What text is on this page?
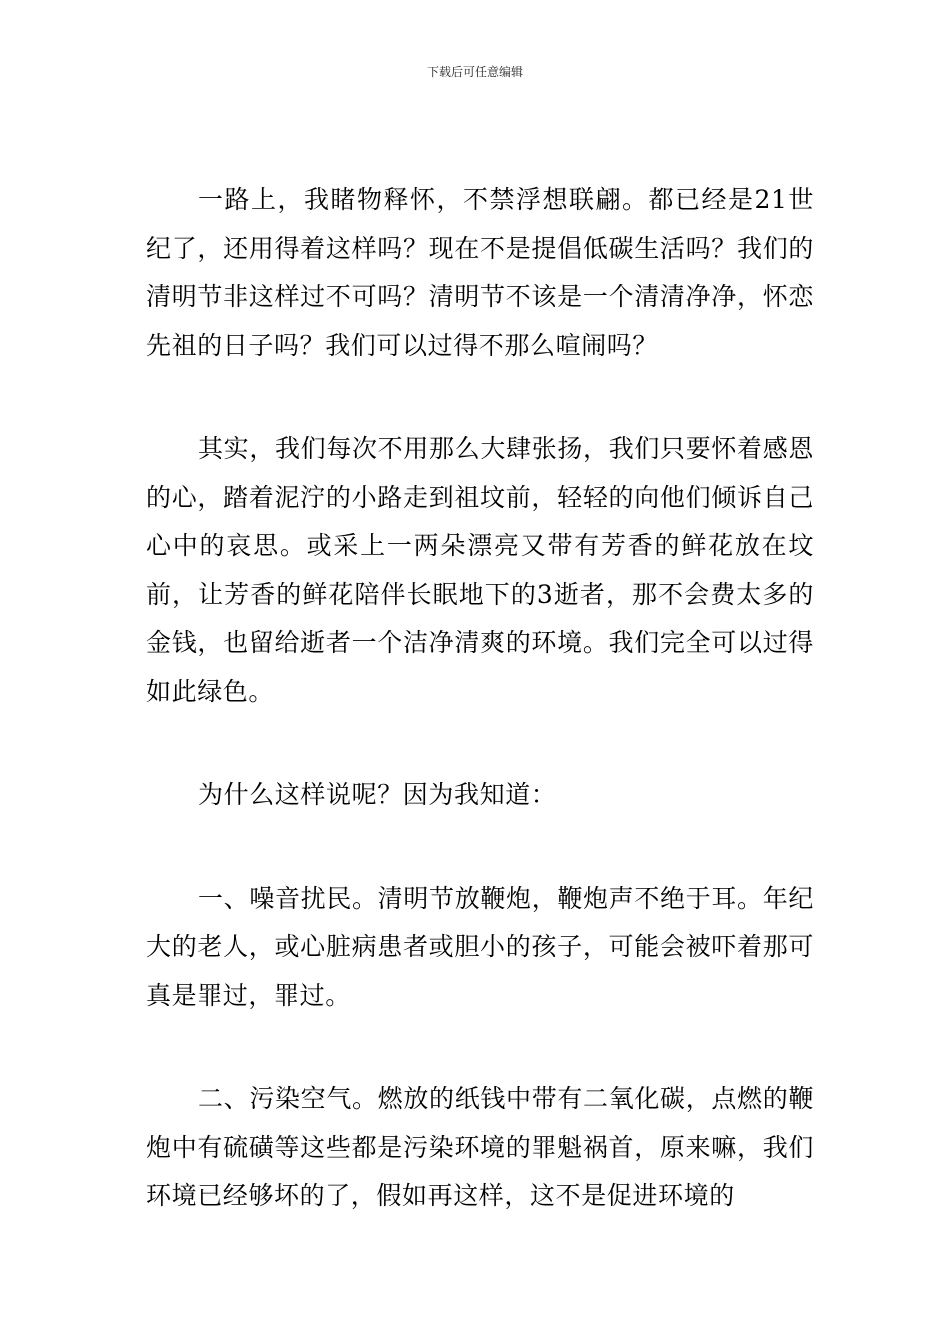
下载后可任意编辑

一路上，我睹物释怀，不禁浮想联翩。都已经是21世纪了，还用得着这样吗？现在不是提倡低碳生活吗？我们的清明节非这样过不可吗？清明节不该是一个清清净净，怀恋先祖的日子吗？我们可以过得不那么喧闹吗？

其实，我们每次不用那么大肆张扬，我们只要怀着感恩的心，踏着泥泞的小路走到祖坟前，轻轻的向他们倾诉自己心中的哀思。或采上一两朵漂亮又带有芳香的鲜花放在坟前，让芳香的鲜花陪伴长眠地下的3逝者，那不会费太多的金钱，也留给逝者一个洁净清爽的环境。我们完全可以过得如此绿色。

为什么这样说呢？因为我知道：

一、噪音扰民。清明节放鞭炮，鞭炮声不绝于耳。年纪大的老人，或心脏病患者或胆小的孩子，可能会被吓着那可真是罪过，罪过。

二、污染空气。燃放的纸钱中带有二氧化碳，点燃的鞭炮中有硫磺等这些都是污染环境的罪魁祸首，原来嘛，我们环境已经够坏的了，假如再这样，这不是促进环境的
